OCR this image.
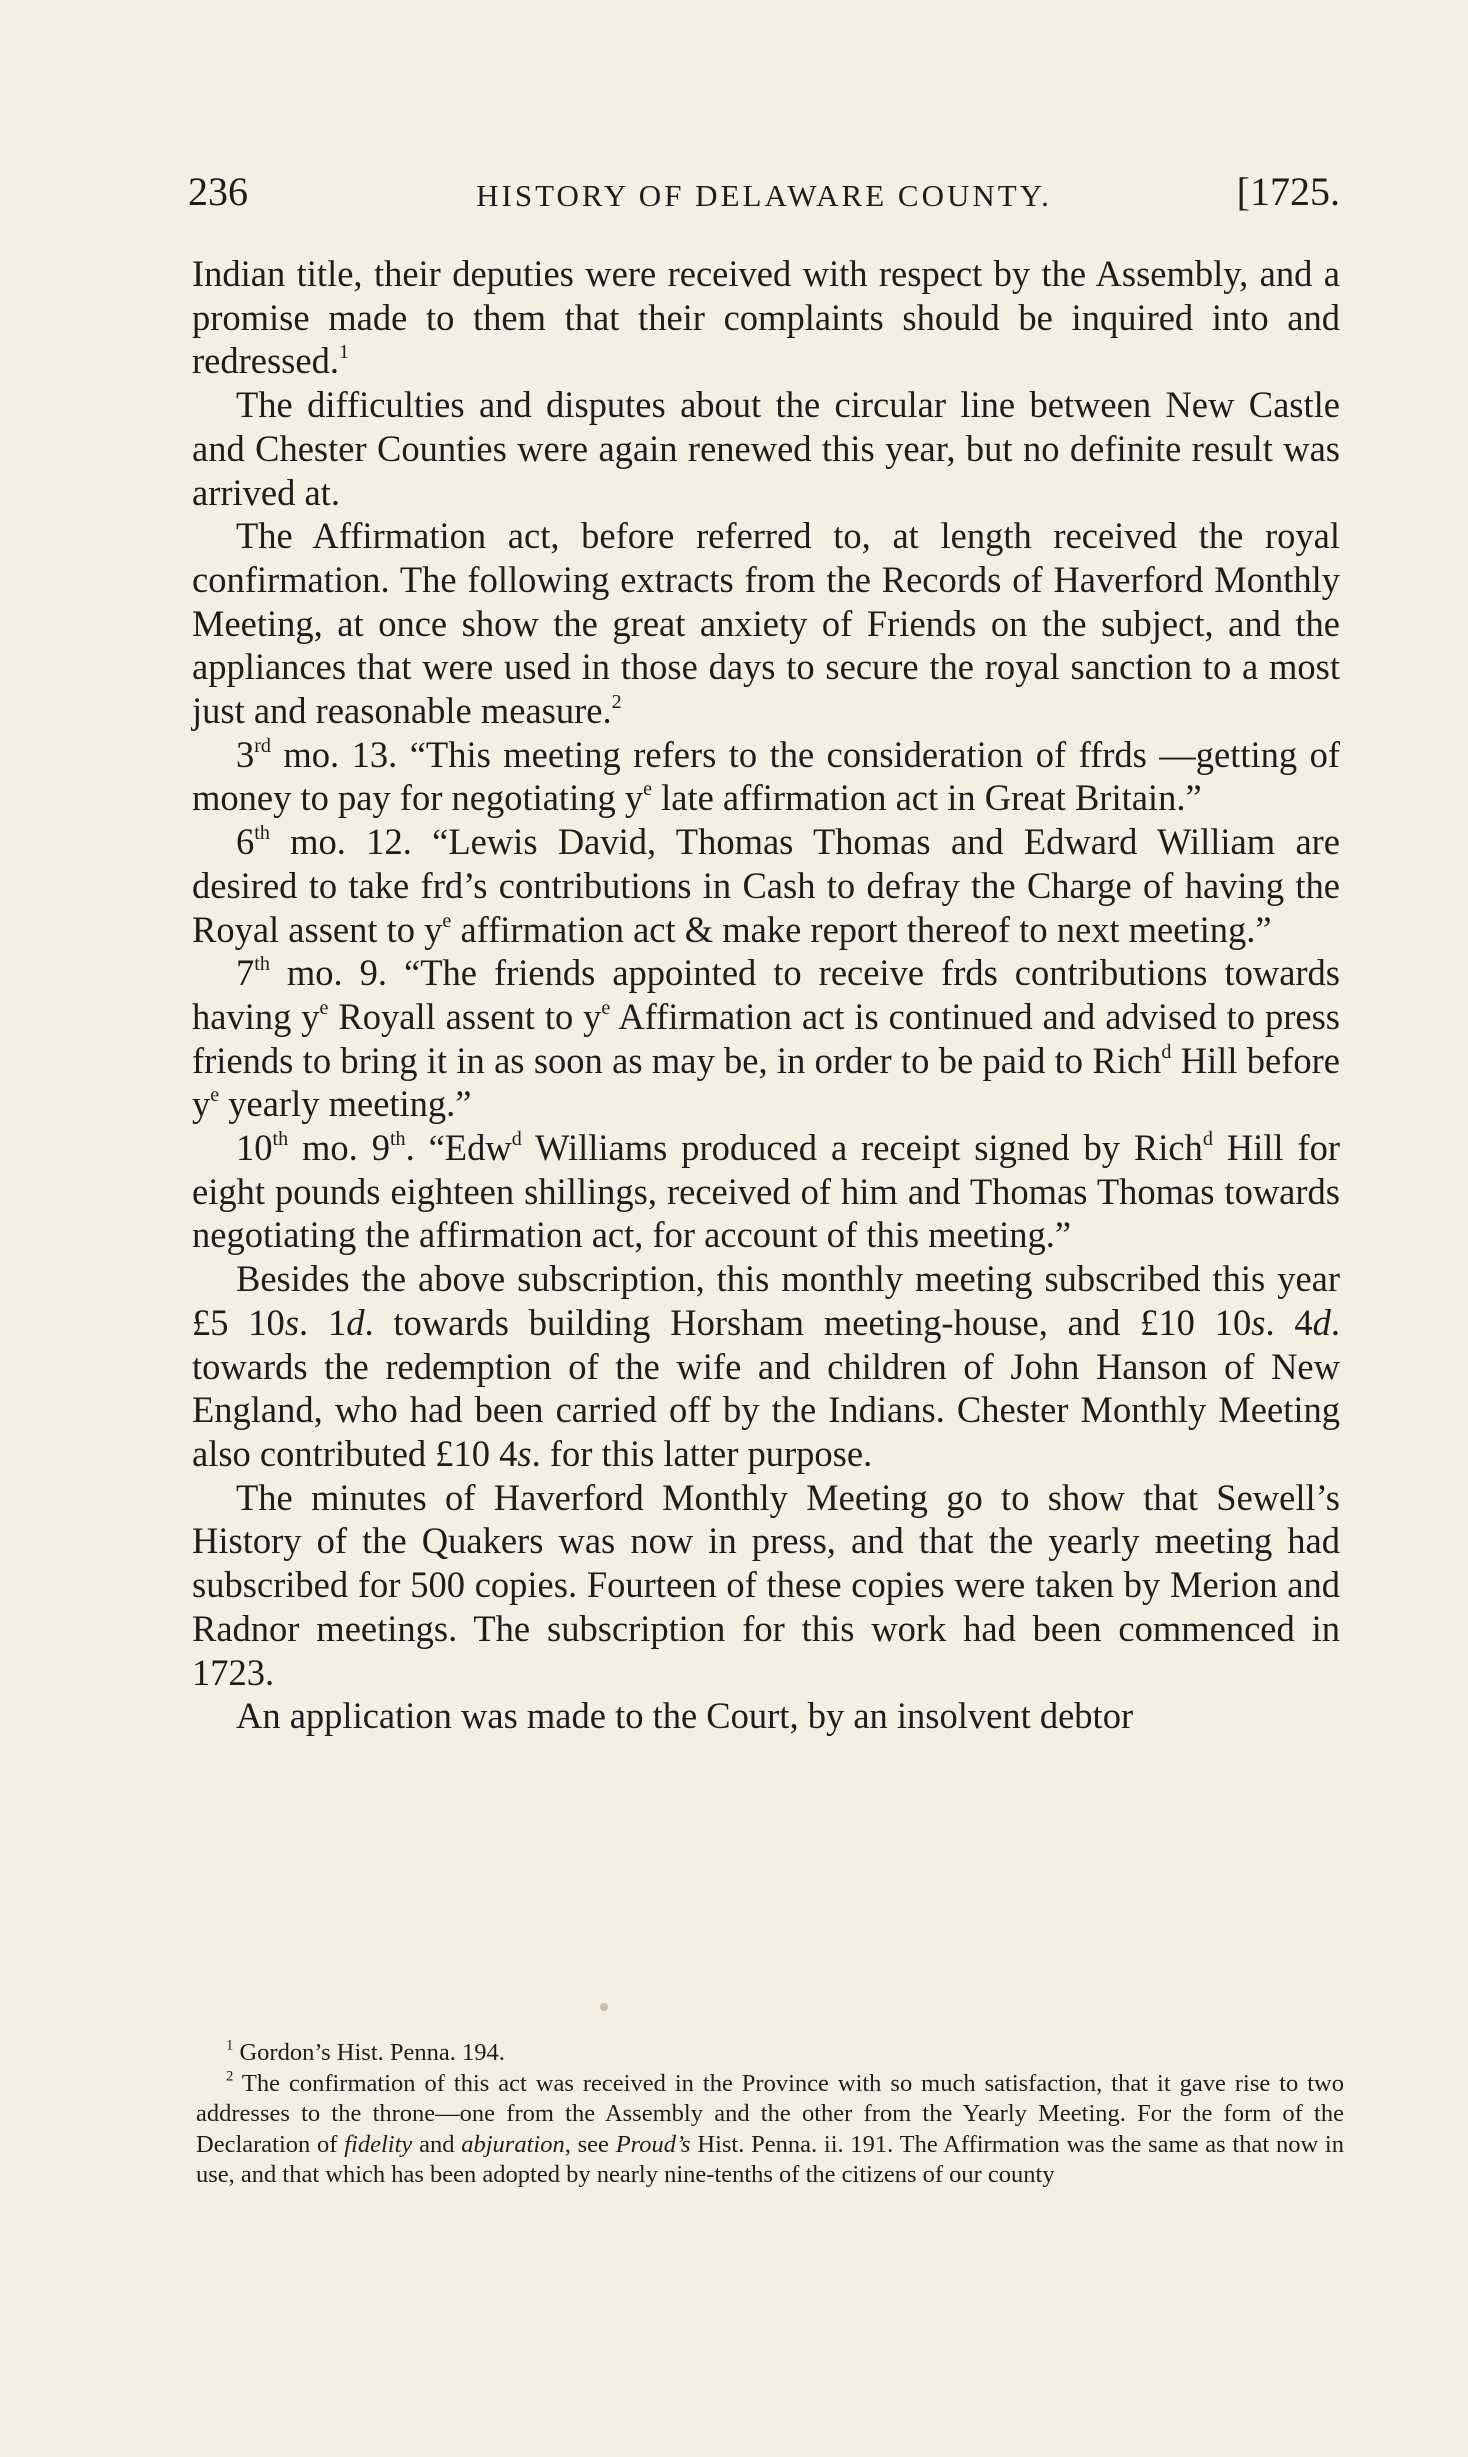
236	HISTORY OF DELAWARE COUNTY.	[1725.

Indian title, their deputies were received with respect by the Assembly, and a promise made to them that their complaints should be inquired into and redressed.$^1$

The difficulties and disputes about the circular line between New Castle and Chester Counties were again renewed this year, but no definite result was arrived at.

The Affirmation act, before referred to, at length received the royal confirmation. The following extracts from the Records of Haverford Monthly Meeting, at once show the great anxiety of Friends on the subject, and the appliances that were used in those days to secure the royal sanction to a most just and reasonable measure.$^2$

3rd mo. 13. “This meeting refers to the consideration of ffrds —getting of money to pay for negotiating $y^e$ late affirmation act in Great Britain.”

6th mo. 12. “Lewis David, Thomas Thomas and Edward William are desired to take frd’s contributions in Cash to defray the Charge of having the Royal assent to $y^e$ affirmation act & make report thereof to next meeting.”

7th mo. 9. “The friends appointed to receive frds contributions towards having $y^e$ Royall assent to $y^e$ Affirmation act is continued and advised to press friends to bring it in as soon as may be, in order to be paid to Rich$^d$ Hill before $y^e$ yearly meeting.”

10th mo. 9th. “Edw$^d$ Williams produced a receipt signed by Rich$^d$ Hill for eight pounds eighteen shillings, received of him and Thomas Thomas towards negotiating the affirmation act, for account of this meeting.”

Besides the above subscription, this monthly meeting subscribed this year £5 10s. 1d. towards building Horsham meeting-house, and £10 10s. 4d. towards the redemption of the wife and children of John Hanson of New England, who had been carried off by the Indians. Chester Monthly Meeting also contributed £10 4s. for this latter purpose.

The minutes of Haverford Monthly Meeting go to show that Sewell’s History of the Quakers was now in press, and that the yearly meeting had subscribed for 500 copies. Fourteen of these copies were taken by Merion and Radnor meetings. The subscription for this work had been commenced in 1723.

An application was made to the Court, by an insolvent debtor

$^1$ Gordon’s Hist. Penna. 194.

$^2$ The confirmation of this act was received in the Province with so much satisfaction, that it gave rise to two addresses to the throne—one from the Assembly and the other from the Yearly Meeting. For the form of the Declaration of fidelity and abjuration, see Proud’s Hist. Penna. ii. 191. The Affirmation was the same as that now in use, and that which has been adopted by nearly nine-tenths of the citizens of our county
